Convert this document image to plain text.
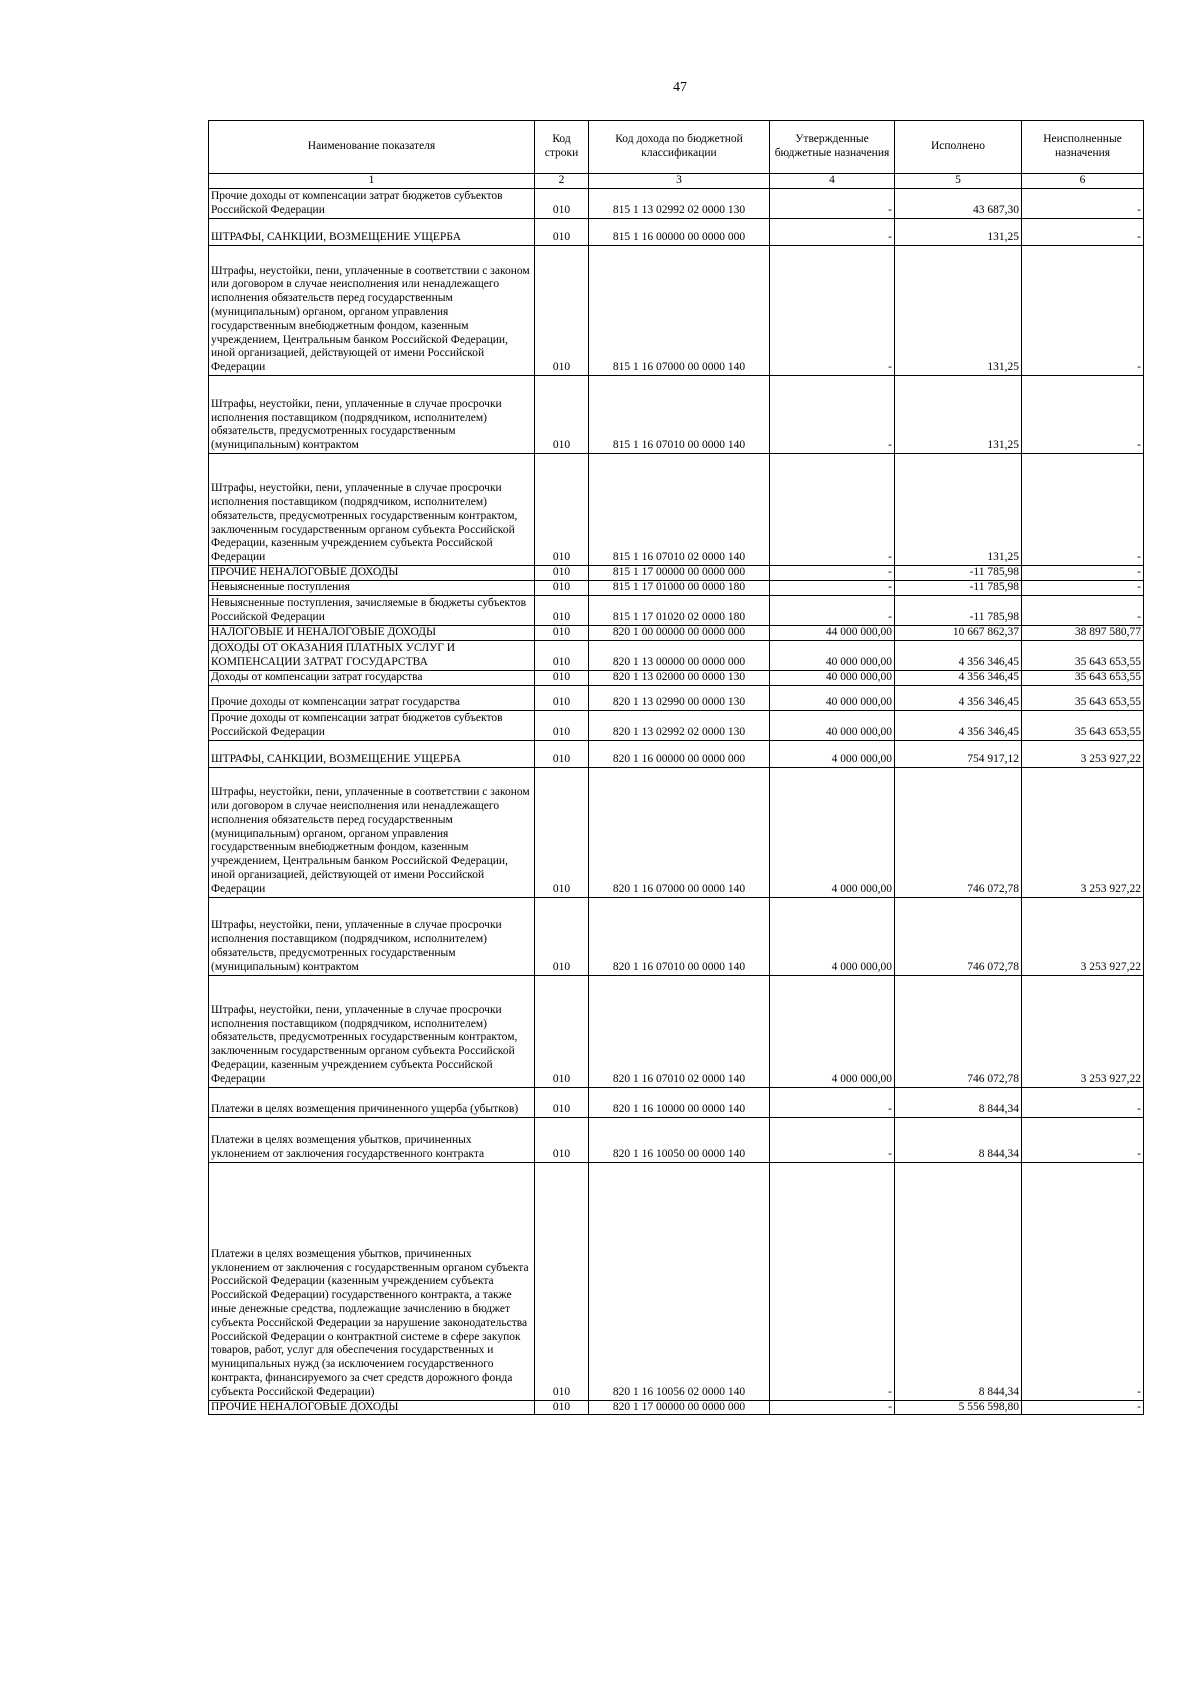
47
Наименование показателя	Код строки	Код дохода по бюджетной классификации	Утвержденные бюджетные назначения	Исполнено	Неисполненные назначения
1	2	3	4	5	6
Прочие доходы от компенсации затрат бюджетов субъектов Российской Федерации	010	815 1 13 02992 02 0000 130	-	43 687,30	-
ШТРАФЫ, САНКЦИИ, ВОЗМЕЩЕНИЕ УЩЕРБА	010	815 1 16 00000 00 0000 000	-	131,25	-
Штрафы, неустойки, пени, уплаченные в соответствии с законом или договором в случае неисполнения или ненадлежащего исполнения обязательств перед государственным (муниципальным) органом, органом управления государственным внебюджетным фондом, казенным учреждением, Центральным банком Российской Федерации, иной организацией, действующей от имени Российской Федерации	010	815 1 16 07000 00 0000 140	-	131,25	-
Штрафы, неустойки, пени, уплаченные в случае просрочки исполнения поставщиком (подрядчиком, исполнителем) обязательств, предусмотренных государственным (муниципальным) контрактом	010	815 1 16 07010 00 0000 140	-	131,25	-
Штрафы, неустойки, пени, уплаченные в случае просрочки исполнения поставщиком (подрядчиком, исполнителем) обязательств, предусмотренных государственным контрактом, заключенным государственным органом субъекта Российской Федерации, казенным учреждением субъекта Российской Федерации	010	815 1 16 07010 02 0000 140	-	131,25	-
ПРОЧИЕ НЕНАЛОГОВЫЕ ДОХОДЫ	010	815 1 17 00000 00 0000 000	-	-11 785,98	-
Невыясненные поступления	010	815 1 17 01000 00 0000 180	-	-11 785,98	-
Невыясненные поступления, зачисляемые в бюджеты субъектов Российской Федерации	010	815 1 17 01020 02 0000 180	-	-11 785,98	-
НАЛОГОВЫЕ И НЕНАЛОГОВЫЕ ДОХОДЫ	010	820 1 00 00000 00 0000 000	44 000 000,00	10 667 862,37	38 897 580,77
ДОХОДЫ ОТ ОКАЗАНИЯ ПЛАТНЫХ УСЛУГ И КОМПЕНСАЦИИ ЗАТРАТ ГОСУДАРСТВА	010	820 1 13 00000 00 0000 000	40 000 000,00	4 356 346,45	35 643 653,55
Доходы от компенсации затрат государства	010	820 1 13 02000 00 0000 130	40 000 000,00	4 356 346,45	35 643 653,55
Прочие доходы от компенсации затрат государства	010	820 1 13 02990 00 0000 130	40 000 000,00	4 356 346,45	35 643 653,55
Прочие доходы от компенсации затрат бюджетов субъектов Российской Федерации	010	820 1 13 02992 02 0000 130	40 000 000,00	4 356 346,45	35 643 653,55
ШТРАФЫ, САНКЦИИ, ВОЗМЕЩЕНИЕ УЩЕРБА	010	820 1 16 00000 00 0000 000	4 000 000,00	754 917,12	3 253 927,22
Штрафы, неустойки, пени, уплаченные в соответствии с законом или договором в случае неисполнения или ненадлежащего исполнения обязательств перед государственным (муниципальным) органом, органом управления государственным внебюджетным фондом, казенным учреждением, Центральным банком Российской Федерации, иной организацией, действующей от имени Российской Федерации	010	820 1 16 07000 00 0000 140	4 000 000,00	746 072,78	3 253 927,22
Штрафы, неустойки, пени, уплаченные в случае просрочки исполнения поставщиком (подрядчиком, исполнителем) обязательств, предусмотренных государственным (муниципальным) контрактом	010	820 1 16 07010 00 0000 140	4 000 000,00	746 072,78	3 253 927,22
Штрафы, неустойки, пени, уплаченные в случае просрочки исполнения поставщиком (подрядчиком, исполнителем) обязательств, предусмотренных государственным контрактом, заключенным государственным органом субъекта Российской Федерации, казенным учреждением субъекта Российской Федерации	010	820 1 16 07010 02 0000 140	4 000 000,00	746 072,78	3 253 927,22
Платежи в целях возмещения причиненного ущерба (убытков)	010	820 1 16 10000 00 0000 140	-	8 844,34	-
Платежи в целях возмещения убытков, причиненных уклонением от заключения государственного контракта	010	820 1 16 10050 00 0000 140	-	8 844,34	-
Платежи в целях возмещения убытков, причиненных уклонением от заключения с государственным органом субъекта Российской Федерации (казенным учреждением субъекта Российской Федерации) государственного контракта, а также иные денежные средства, подлежащие зачислению в бюджет субъекта Российской Федерации за нарушение законодательства Российской Федерации о контрактной системе в сфере закупок товаров, работ, услуг для обеспечения государственных и муниципальных нужд (за исключением государственного контракта, финансируемого за счет средств дорожного фонда субъекта Российской Федерации)	010	820 1 16 10056 02 0000 140	-	8 844,34	-
ПРОЧИЕ НЕНАЛОГОВЫЕ ДОХОДЫ	010	820 1 17 00000 00 0000 000	-	5 556 598,80	-
